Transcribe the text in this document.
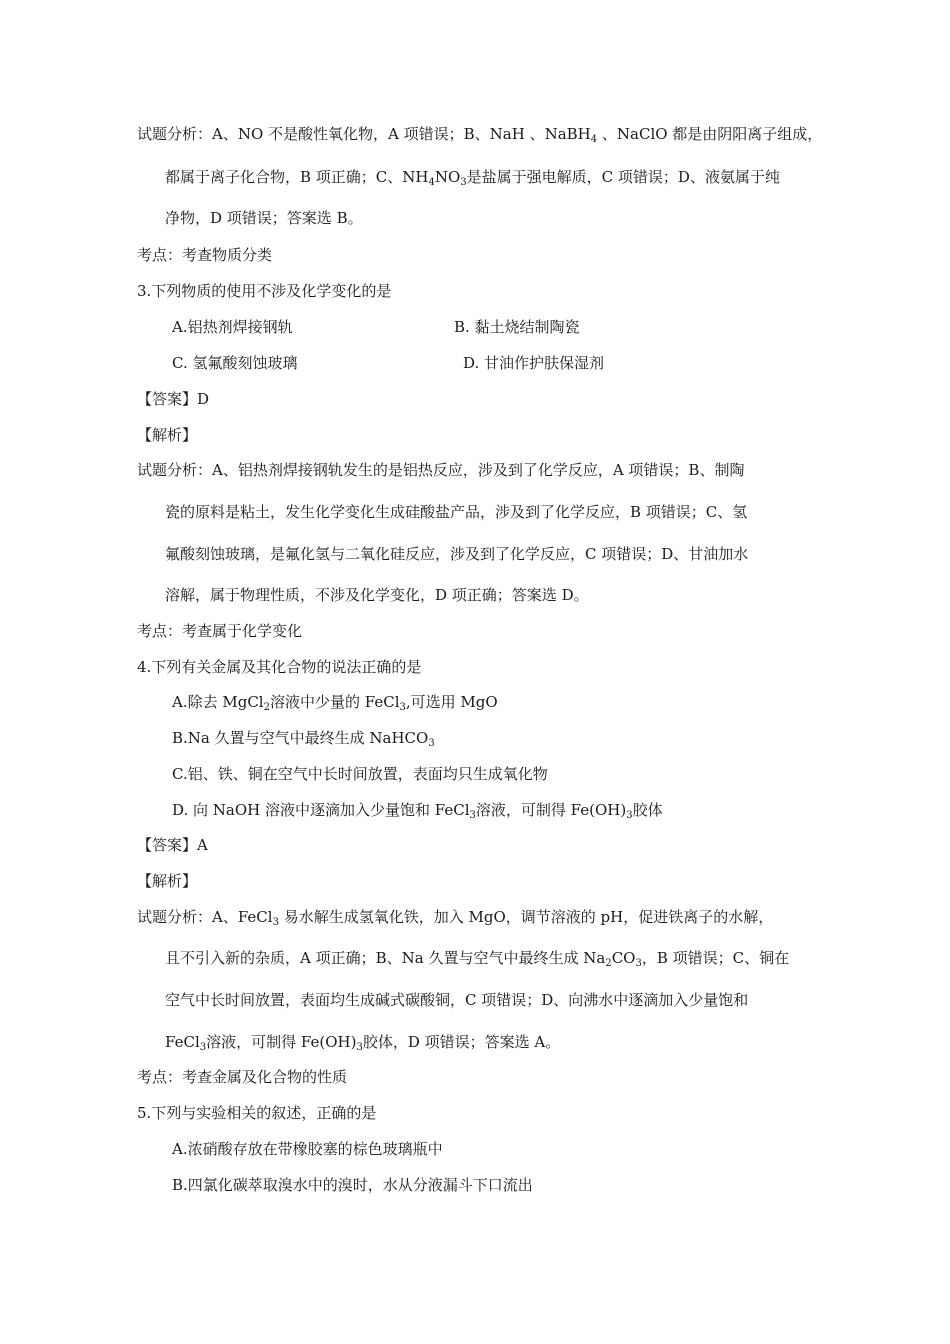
试题分析：A、NO 不是酸性氧化物，A 项错误；B、NaH 、NaBH$_4$ 、NaClO 都是由阴阳离子组成，
都属于离子化合物，B 项正确；C、$NH_4NO_3$是盐属于强电解质，C 项错误；D、液氨属于纯
净物，D 项错误；答案选 B。
考点：考查物质分类
3.下列物质的使用不涉及化学变化的是
A.铝热剂焊接钢轨	B. 黏土烧结制陶瓷
C. 氢氟酸刻蚀玻璃	D. 甘油作护肤保湿剂
【答案】D
【解析】
试题分析：A、铝热剂焊接钢轨发生的是铝热反应，涉及到了化学反应，A 项错误；B、制陶
瓷的原料是粘土，发生化学变化生成硅酸盐产品，涉及到了化学反应，B 项错误；C、氢
氟酸刻蚀玻璃，是氟化氢与二氧化硅反应，涉及到了化学反应，C 项错误；D、甘油加水
溶解，属于物理性质，不涉及化学变化，D 项正确；答案选 D。
考点：考查属于化学变化
4.下列有关金属及其化合物的说法正确的是
A.除去 MgCl$_2$溶液中少量的 FeCl$_3$,可选用 MgO
B.Na 久置与空气中最终生成 NaHCO$_3$
C.铝、铁、铜在空气中长时间放置，表面均只生成氧化物
D. 向 NaOH 溶液中逐滴加入少量饱和 FeCl$_3$溶液，可制得 $Fe(OH)_3$胶体
【答案】A
【解析】
试题分析：A、FeCl$_3$ 易水解生成氢氧化铁，加入 MgO，调节溶液的 pH，促进铁离子的水解，
且不引入新的杂质，A 项正确；B、Na 久置与空气中最终生成 $Na_2CO_3$，B 项错误；C、铜在
空气中长时间放置，表面均生成碱式碳酸铜，C 项错误；D、向沸水中逐滴加入少量饱和
FeCl$_3$溶液，可制得 $Fe(OH)_3$胶体，D 项错误；答案选 A。
考点：考查金属及化合物的性质
5.下列与实验相关的叙述，正确的是
A.浓硝酸存放在带橡胶塞的棕色玻璃瓶中
B.四氯化碳萃取溴水中的溴时，水从分液漏斗下口流出
